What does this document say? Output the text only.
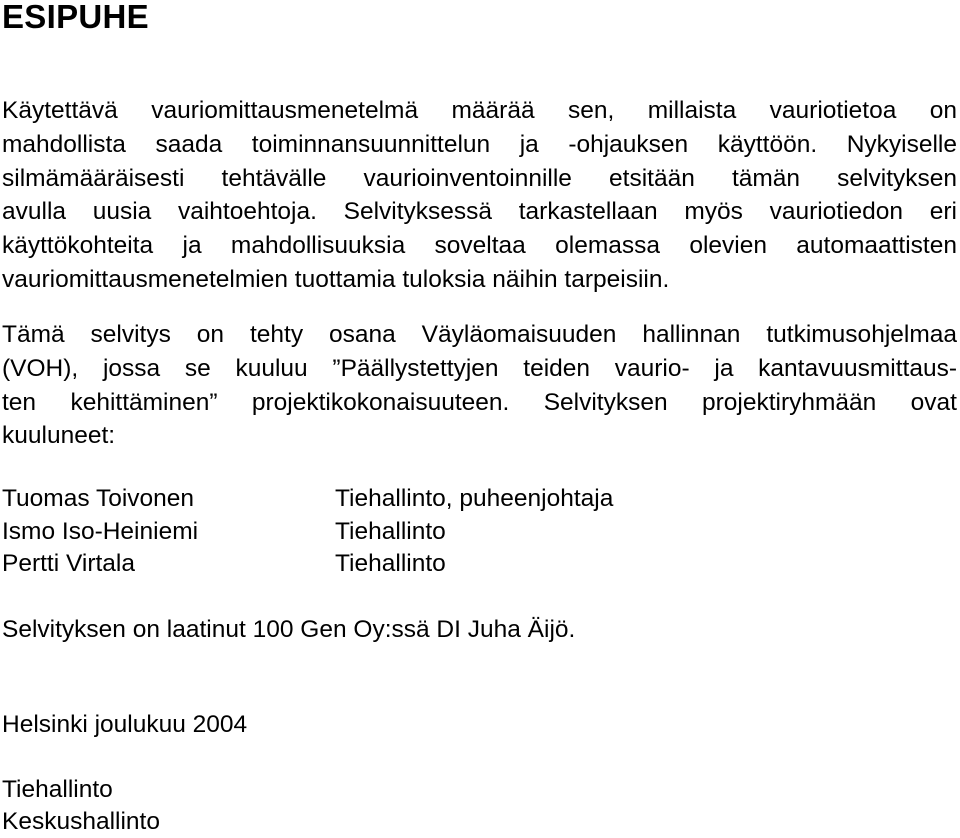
ESIPUHE
Käytettävä vauriomittausmenetelmä määrää sen, millaista vauriotietoa on
mahdollista saada toiminnansuunnittelun ja -ohjauksen käyttöön. Nykyiselle
silmämääräisesti tehtävälle vaurioinventoinnille etsitään tämän selvityksen
avulla uusia vaihtoehtoja. Selvityksessä tarkastellaan myös vauriotiedon eri
käyttökohteita ja mahdollisuuksia soveltaa olemassa olevien automaattisten
vauriomittausmenetelmien tuottamia tuloksia näihin tarpeisiin.
Tämä selvitys on tehty osana Väyläomaisuuden hallinnan tutkimusohjelmaa
(VOH), jossa se kuuluu ”Päällystettyjen teiden vaurio- ja kantavuusmittaus-
ten kehittäminen” projektikokonaisuuteen. Selvityksen projektiryhmään ovat
kuuluneet:
Tuomas Toivonen	Tiehallinto, puheenjohtaja
Ismo Iso-Heiniemi	Tiehallinto
Pertti Virtala	Tiehallinto

Selvityksen on laatinut 100 Gen Oy:ssä DI Juha Äijö.

Helsinki joulukuu 2004

Tiehallinto

Keskushallinto
